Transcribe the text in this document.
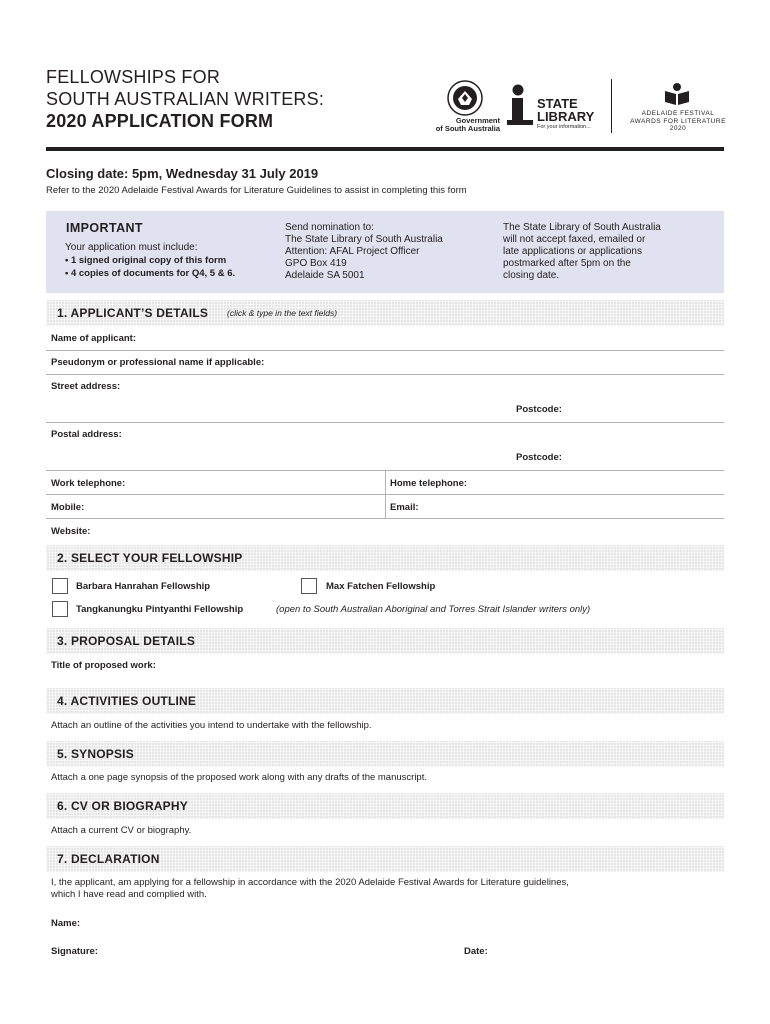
FELLOWSHIPS FOR
SOUTH AUSTRALIAN WRITERS:
2020 APPLICATION FORM	Government
of South Australia
STATE
LIBRARY
For your information...
ADELAIDE FESTIVAL
AWARDS FOR LITERATURE
2020
Closing date: 5pm, Wednesday 31 July 2019
Refer to the 2020 Adelaide Festival Awards for Literature Guidelines to assist in completing this form
IMPORTANT
Your application must include:
• 1 signed original copy of this form
• 4 copies of documents for Q4, 5 & 6.
Send nomination to:
The State Library of South Australia
Attention: AFAL Project Officer
GPO Box 419
Adelaide SA 5001
The State Library of South Australia
will not accept faxed, emailed or
late applications or applications
postmarked after 5pm on the
closing date.
1. APPLICANT’S DETAILS (click & type in the text fields)
Name of applicant:
Pseudonym or professional name if applicable:
Street address:
Postcode:
Postal address:
Postcode:
Work telephone:	Home telephone:
Mobile:	Email:
Website:
2. SELECT YOUR FELLOWSHIP
Barbara Hanrahan Fellowship	Max Fatchen Fellowship
Tangkanungku Pintyanthi Fellowship	(open to South Australian Aboriginal and Torres Strait Islander writers only)
3. PROPOSAL DETAILS
Title of proposed work:
4. ACTIVITIES OUTLINE
Attach an outline of the activities you intend to undertake with the fellowship.
5. SYNOPSIS
Attach a one page synopsis of the proposed work along with any drafts of the manuscript.
6. CV OR BIOGRAPHY
Attach a current CV or biography.
7. DECLARATION
I, the applicant, am applying for a fellowship in accordance with the 2020 Adelaide Festival Awards for Literature guidelines,
which I have read and complied with.
Name:
Signature:	Date:
